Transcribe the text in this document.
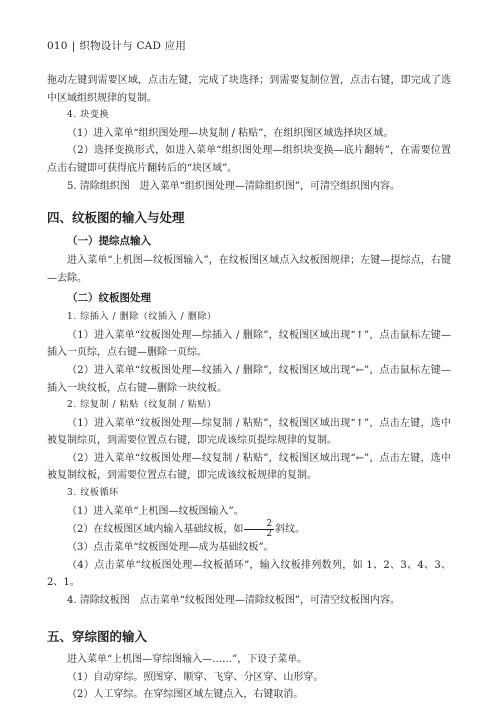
010 | 织物设计与 CAD 应用

拖动左键到需要区域，点击左键，完成了块选择；到需要复制位置，点击右键，即完成了选中区域组织规律的复制。

4. 块变换

（1）进入菜单“组织图处理—块复制 / 粘贴”，在组织图区域选择块区域。

（2）选择变换形式，如进入菜单“组织图处理—组织块变换—底片翻转”，在需要位置点击右键即可获得底片翻转后的“块区域”。

5. 清除组织图　进入菜单“组织图处理—清除组织图”，可清空组织图内容。

四、纹板图的输入与处理

（一）提综点输入

进入菜单“上机图—纹板图输入”，在纹板图区域点入纹板图规律；左键—提综点，右键—去除。

（二）纹板图处理

1. 综插入 / 删除（纹插入 / 删除）

（1）进入菜单“纹板图处理—综插入 / 删除”，纹板图区域出现“↑”，点击鼠标左键—插入一页综，点右键—删除一页综。

（2）进入菜单“纹板图处理—纹插入 / 删除”，纹板图区域出现“←”，点击鼠标左键—插入一块纹板，点右键—删除一块纹板。

2. 综复制 / 粘贴（纹复制 / 粘贴）

（1）进入菜单“纹板图处理—综复制 / 粘贴”，纹板图区域出现“↑”，点击左键，选中被复制综页，到需要位置点右键，即完成该综页提综规律的复制。

（2）进入菜单“纹板图处理—纹复制 / 粘贴”，纹板图区域出现“←”，点击左键，选中被复制纹板，到需要位置点右键，即完成该纹板规律的复制。

3. 纹板循环

（1）进入菜单“上机图—纹板图输入”。

（2）在纹板图区域内输入基础纹板，如 $\frac{2}{2}$ 斜纹。

（3）点击菜单“纹板图处理—成为基础纹板”。

（4）点击菜单“纹板图处理—纹板循环”，输入纹板排列数列，如 1、2、3、4、3、2、1。

4. 清除纹板图　点击菜单“纹板图处理—清除纹板图”，可清空纹板图内容。

五、穿综图的输入

进入菜单“上机图—穿综图输入—……”，下设子菜单。

（1）自动穿综。照图穿、顺穿、飞穿、分区穿、山形穿。

（2）人工穿综。在穿综图区域左键点入，右键取消。
